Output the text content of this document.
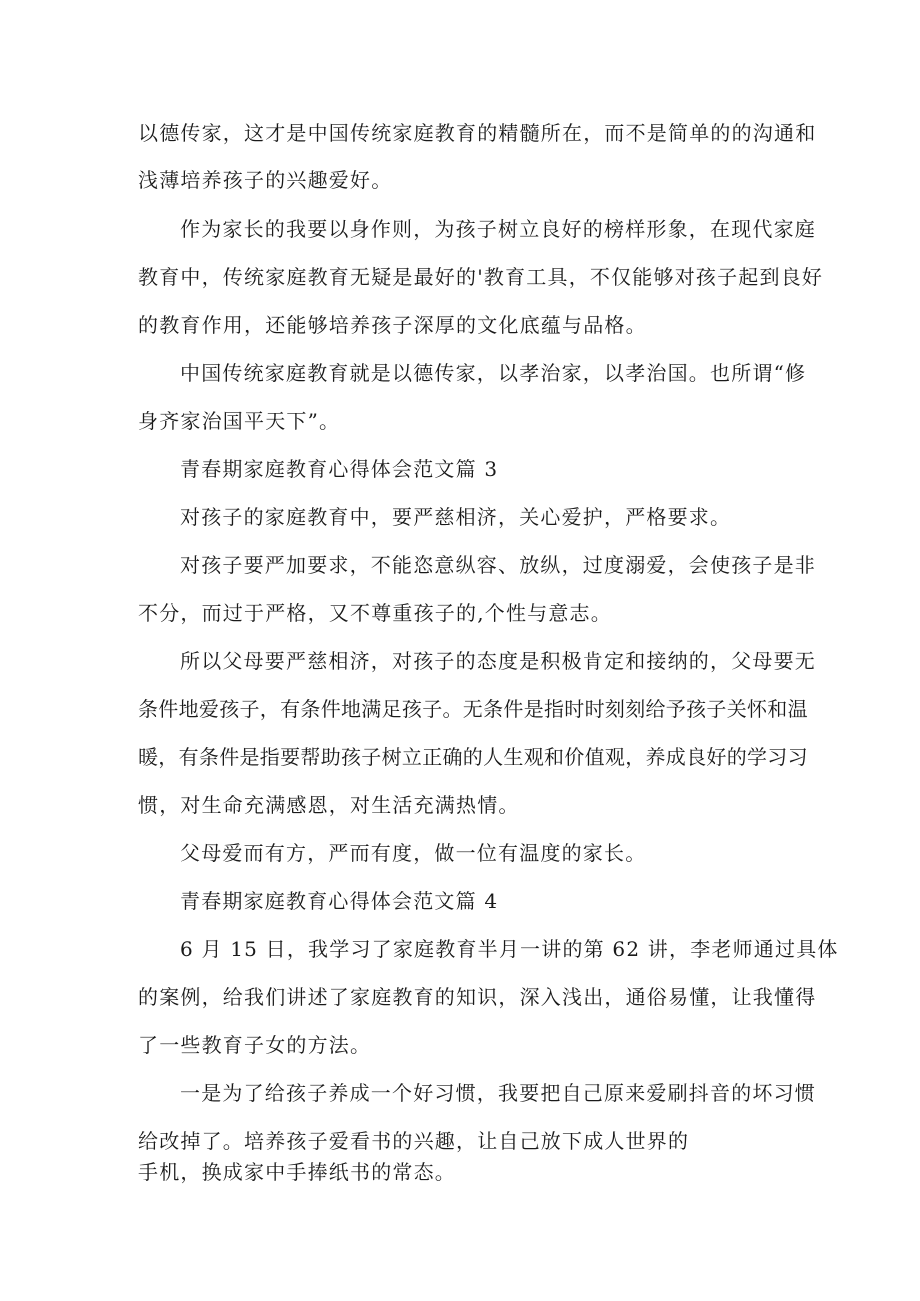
以德传家，这才是中国传统家庭教育的精髓所在，而不是简单的的沟通和
浅薄培养孩子的兴趣爱好。
作为家长的我要以身作则，为孩子树立良好的榜样形象，在现代家庭
教育中，传统家庭教育无疑是最好的'教育工具，不仅能够对孩子起到良好
的教育作用，还能够培养孩子深厚的文化底蕴与品格。
中国传统家庭教育就是以德传家，以孝治家，以孝治国。也所谓“修
身齐家治国平天下”。
青春期家庭教育心得体会范文篇 3
对孩子的家庭教育中，要严慈相济，关心爱护，严格要求。
对孩子要严加要求，不能恣意纵容、放纵，过度溺爱，会使孩子是非
不分，而过于严格，又不尊重孩子的,个性与意志。
所以父母要严慈相济，对孩子的态度是积极肯定和接纳的，父母要无
条件地爱孩子，有条件地满足孩子。无条件是指时时刻刻给予孩子关怀和温
暖，有条件是指要帮助孩子树立正确的人生观和价值观，养成良好的学习习
惯，对生命充满感恩，对生活充满热情。
父母爱而有方，严而有度，做一位有温度的家长。
青春期家庭教育心得体会范文篇 4
6 月 15 日，我学习了家庭教育半月一讲的第 62 讲，李老师通过具体
的案例，给我们讲述了家庭教育的知识，深入浅出，通俗易懂，让我懂得
了一些教育子女的方法。
一是为了给孩子养成一个好习惯，我要把自己原来爱刷抖音的坏习惯
给改掉了。培养孩子爱看书的兴趣，让自己放下成人世界的
手机，换成家中手捧纸书的常态。
